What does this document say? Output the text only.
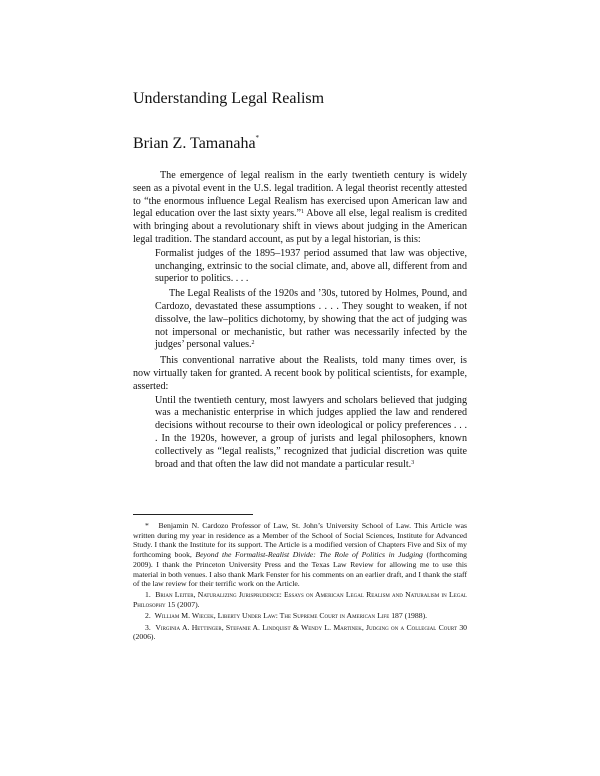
Understanding Legal Realism
Brian Z. Tamanaha*

The emergence of legal realism in the early twentieth century is widely seen as a pivotal event in the U.S. legal tradition. A legal theorist recently attested to “the enormous influence Legal Realism has exercised upon American law and legal education over the last sixty years.”$^1$ Above all else, legal realism is credited with bringing about a revolutionary shift in views about judging in the American legal tradition. The standard account, as put by a legal historian, is this:

Formalist judges of the 1895–1937 period assumed that law was objective, unchanging, extrinsic to the social climate, and, above all, different from and superior to politics. . . .

The Legal Realists of the 1920s and ’30s, tutored by Holmes, Pound, and Cardozo, devastated these assumptions . . . . They sought to weaken, if not dissolve, the law–politics dichotomy, by showing that the act of judging was not impersonal or mechanistic, but rather was necessarily infected by the judges’ personal values.$^2$

This conventional narrative about the Realists, told many times over, is now virtually taken for granted. A recent book by political scientists, for example, asserted:

Until the twentieth century, most lawyers and scholars believed that judging was a mechanistic enterprise in which judges applied the law and rendered decisions without recourse to their own ideological or policy preferences . . . . In the 1920s, however, a group of jurists and legal philosophers, known collectively as “legal realists,” recognized that judicial discretion was quite broad and that often the law did not mandate a particular result.$^3$

* Benjamin N. Cardozo Professor of Law, St. John’s University School of Law. This Article was written during my year in residence as a Member of the School of Social Sciences, Institute for Advanced Study. I thank the Institute for its support. The Article is a modified version of Chapters Five and Six of my forthcoming book, Beyond the Formalist-Realist Divide: The Role of Politics in Judging (forthcoming 2009). I thank the Princeton University Press and the Texas Law Review for allowing me to use this material in both venues. I also thank Mark Fenster for his comments on an earlier draft, and I thank the staff of the law review for their terrific work on the Article.

1. Brian Leiter, Naturalizing Jurisprudence: Essays on American Legal Realism and Naturalism in Legal Philosophy 15 (2007).

2. William M. Wiecek, Liberty Under Law: The Supreme Court in American Life 187 (1988).

3. Virginia A. Hettinger, Stefanie A. Lindquist & Wendy L. Martinek, Judging on a Collegial Court 30 (2006).
